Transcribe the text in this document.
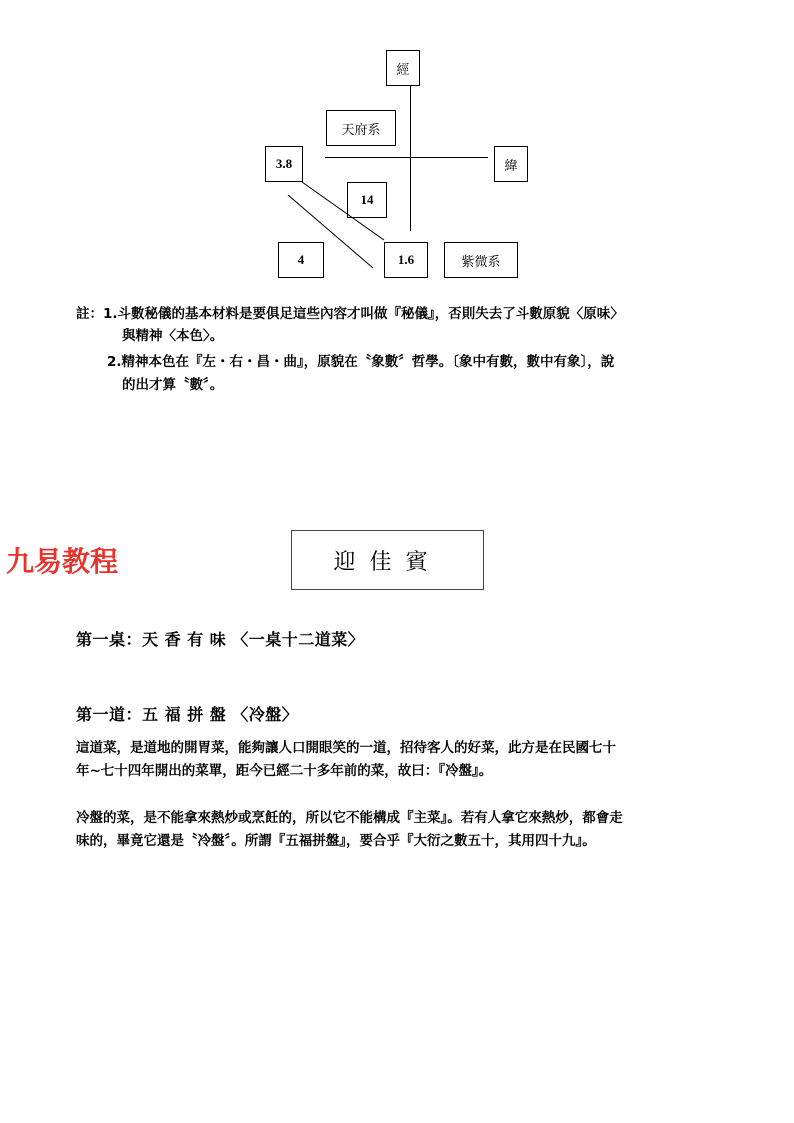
經
天府系
3.8	緯
14
4	1.6	紫微系
註：1.斗數秘儀的基本材料是要俱足這些內容才叫做『秘儀』，否則失去了斗數原貌〈原味〉
與精神〈本色〉。
2.精神本色在『左・右・昌・曲』，原貌在〝象數〞哲學。〔象中有數，數中有象〕，說
的出才算〝數〞。
九易教程	迎佳賓
第一桌：天 香 有 味 〈一桌十二道菜〉
第一道：五 福 拼 盤 〈冷盤〉
這道菜，是道地的開胃菜，能夠讓人口開眼笑的一道，招待客人的好菜，此方是在民國七十
年~七十四年開出的菜單，距今已經二十多年前的菜，故曰：『冷盤』。
冷盤的菜，是不能拿來熱炒或烹飪的，所以它不能構成『主菜』。若有人拿它來熱炒，都會走
味的，畢竟它還是〝冷盤〞。所謂『五福拼盤』，要合乎『大衍之數五十，其用四十九』。
